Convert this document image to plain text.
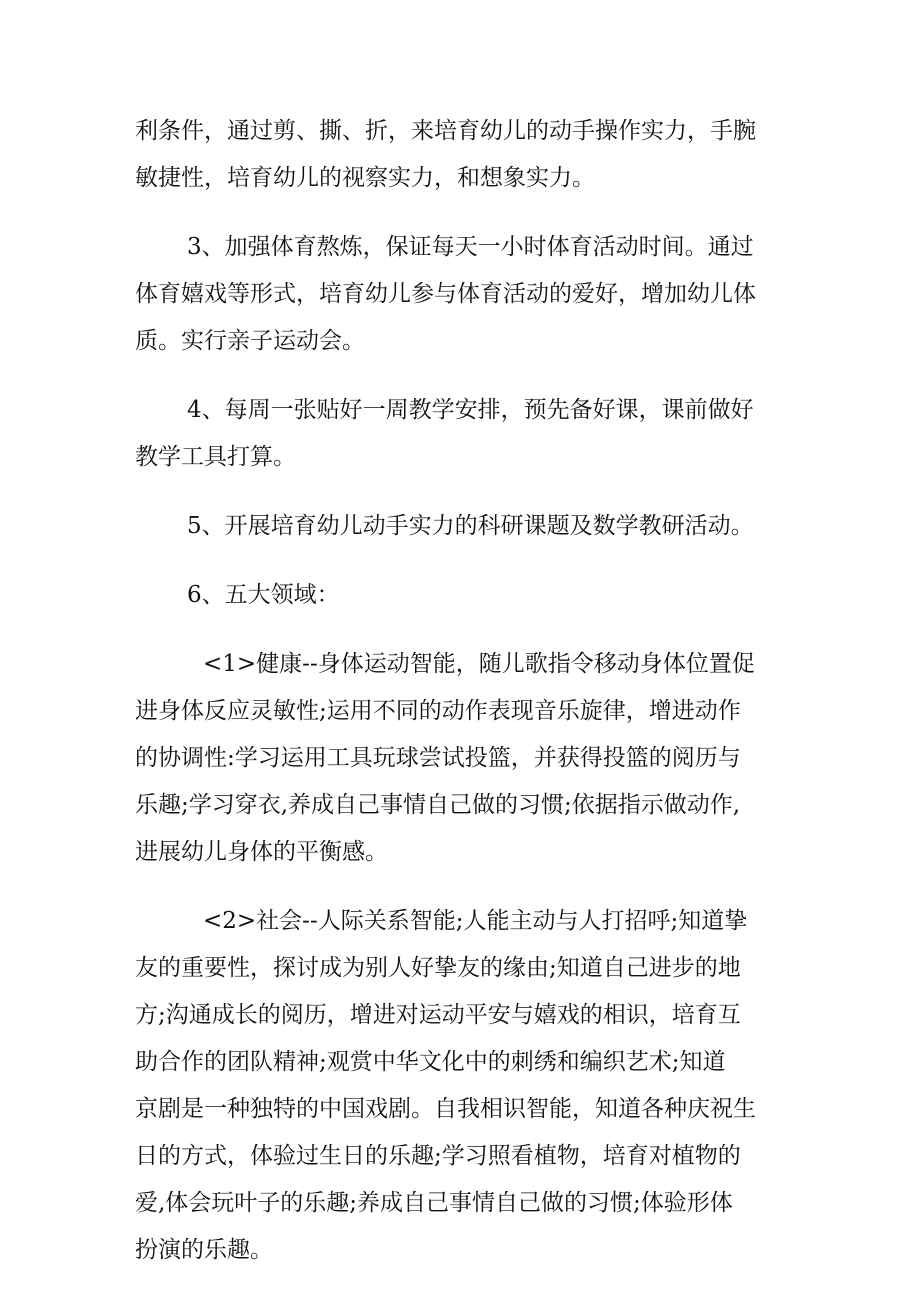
利条件，通过剪、撕、折，来培育幼儿的动手操作实力，手腕
敏捷性，培育幼儿的视察实力，和想象实力。

3、加强体育熬炼，保证每天一小时体育活动时间。通过
体育嬉戏等形式，培育幼儿参与体育活动的爱好，增加幼儿体
质。实行亲子运动会。

4、每周一张贴好一周教学安排，预先备好课，课前做好
教学工具打算。

5、开展培育幼儿动手实力的科研课题及数学教研活动。

6、五大领域：

<1>健康--身体运动智能，随儿歌指令移动身体位置促
进身体反应灵敏性;运用不同的动作表现音乐旋律，增进动作
的协调性:学习运用工具玩球尝试投篮，并获得投篮的阅历与
乐趣;学习穿衣,养成自己事情自己做的习惯;依据指示做动作,
进展幼儿身体的平衡感。

<2>社会--人际关系智能;人能主动与人打招呼;知道挚
友的重要性，探讨成为别人好挚友的缘由;知道自己进步的地
方;沟通成长的阅历，增进对运动平安与嬉戏的相识，培育互
助合作的团队精神;观赏中华文化中的刺绣和编织艺术;知道
京剧是一种独特的中国戏剧。自我相识智能，知道各种庆祝生
日的方式，体验过生日的乐趣;学习照看植物，培育对植物的
爱,体会玩叶子的乐趣;养成自己事情自己做的习惯;体验形体
扮演的乐趣。
